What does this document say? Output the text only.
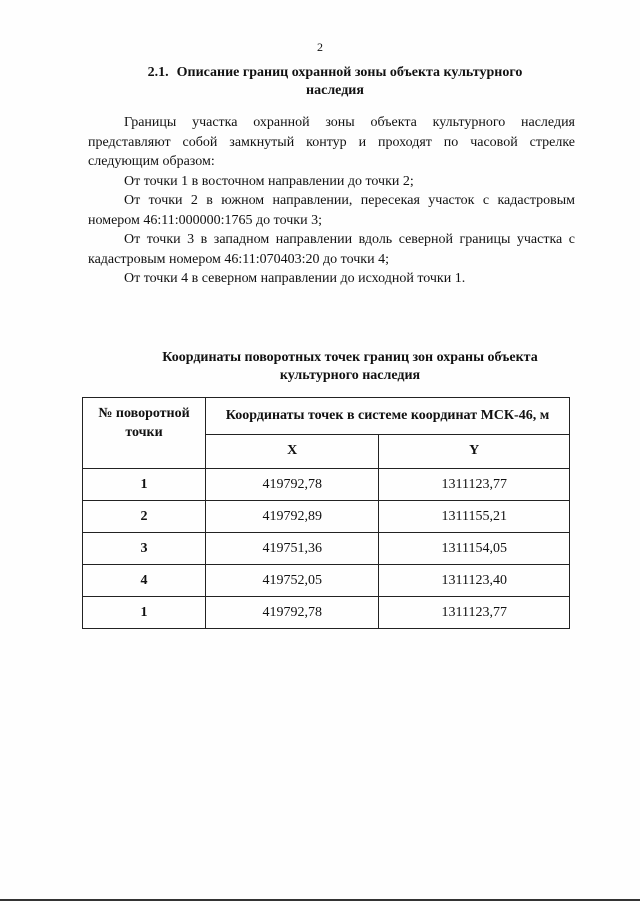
2
2.1. Описание границ охранной зоны объекта культурного
наследия

Границы участка охранной зоны объекта культурного наследия представляют собой замкнутый контур и проходят по часовой стрелке следующим образом:

От точки 1 в восточном направлении до точки 2;

От точки 2 в южном направлении, пересекая участок с кадастровым номером 46:11:000000:1765 до точки 3;

От точки 3 в западном направлении вдоль северной границы участка с кадастровым номером 46:11:070403:20 до точки 4;

От точки 4 в северном направлении до исходной точки 1.

Координаты поворотных точек границ зон охраны объекта
культурного наследия
№ поворотной точки	Координаты точек в системе координат МСК-46, м	
	X	Y
1	419792,78	1311123,77
2	419792,89	1311155,21
3	419751,36	1311154,05
4	419752,05	1311123,40
1	419792,78	1311123,77
